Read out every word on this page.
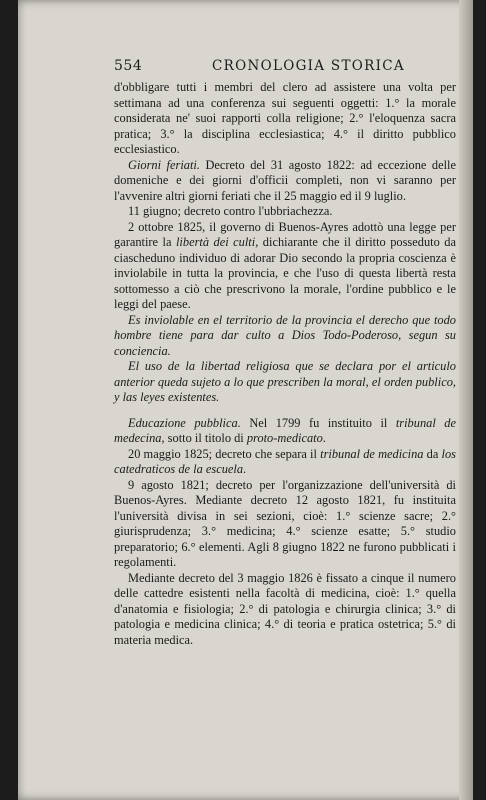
554	CRONOLOGIA STORICA

d'obbligare tutti i membri del clero ad assistere una volta per settimana ad una conferenza sui seguenti oggetti: 1.° la morale considerata ne' suoi rapporti colla religione; 2.° l'eloquenza sacra pratica; 3.° la disciplina ecclesiastica; 4.° il diritto pubblico ecclesiastico.

Giorni feriati. Decreto del 31 agosto 1822: ad eccezione delle domeniche e dei giorni d'officii completi, non vi saranno per l'avvenire altri giorni feriati che il 25 maggio ed il 9 luglio.

11 giugno; decreto contro l'ubbriachezza.

2 ottobre 1825, il governo di Buenos-Ayres adottò una legge per garantire la libertà dei culti, dichiarante che il diritto posseduto da ciascheduno individuo di adorar Dio secondo la propria coscienza è inviolabile in tutta la provincia, e che l'uso di questa libertà resta sottomesso a ciò che prescrivono la morale, l'ordine pubblico e le leggi del paese.

Es inviolable en el territorio de la provincia el derecho que todo hombre tiene para dar culto a Dios Todo-Poderoso, segun su conciencia.

El uso de la libertad religiosa que se declara por el articulo anterior queda sujeto a lo que prescriben la moral, el orden publico, y las leyes existentes.

Educazione pubblica. Nel 1799 fu instituito il tribunal de medecina, sotto il titolo di proto-medicato.

20 maggio 1825; decreto che separa il tribunal de medicina da los catedraticos de la escuela.

9 agosto 1821; decreto per l'organizzazione dell'università di Buenos-Ayres. Mediante decreto 12 agosto 1821, fu instituita l'università divisa in sei sezioni, cioè: 1.° scienze sacre; 2.° giurisprudenza; 3.° medicina; 4.° scienze esatte; 5.° studio preparatorio; 6.° elementi. Agli 8 giugno 1822 ne furono pubblicati i regolamenti.

Mediante decreto del 3 maggio 1826 è fissato a cinque il numero delle cattedre esistenti nella facoltà di medicina, cioè: 1.° quella d'anatomia e fisiologia; 2.° di patologia e chirurgia clinica; 3.° di patologia e medicina clinica; 4.° di teoria e pratica ostetrica; 5.° di materia medica.
